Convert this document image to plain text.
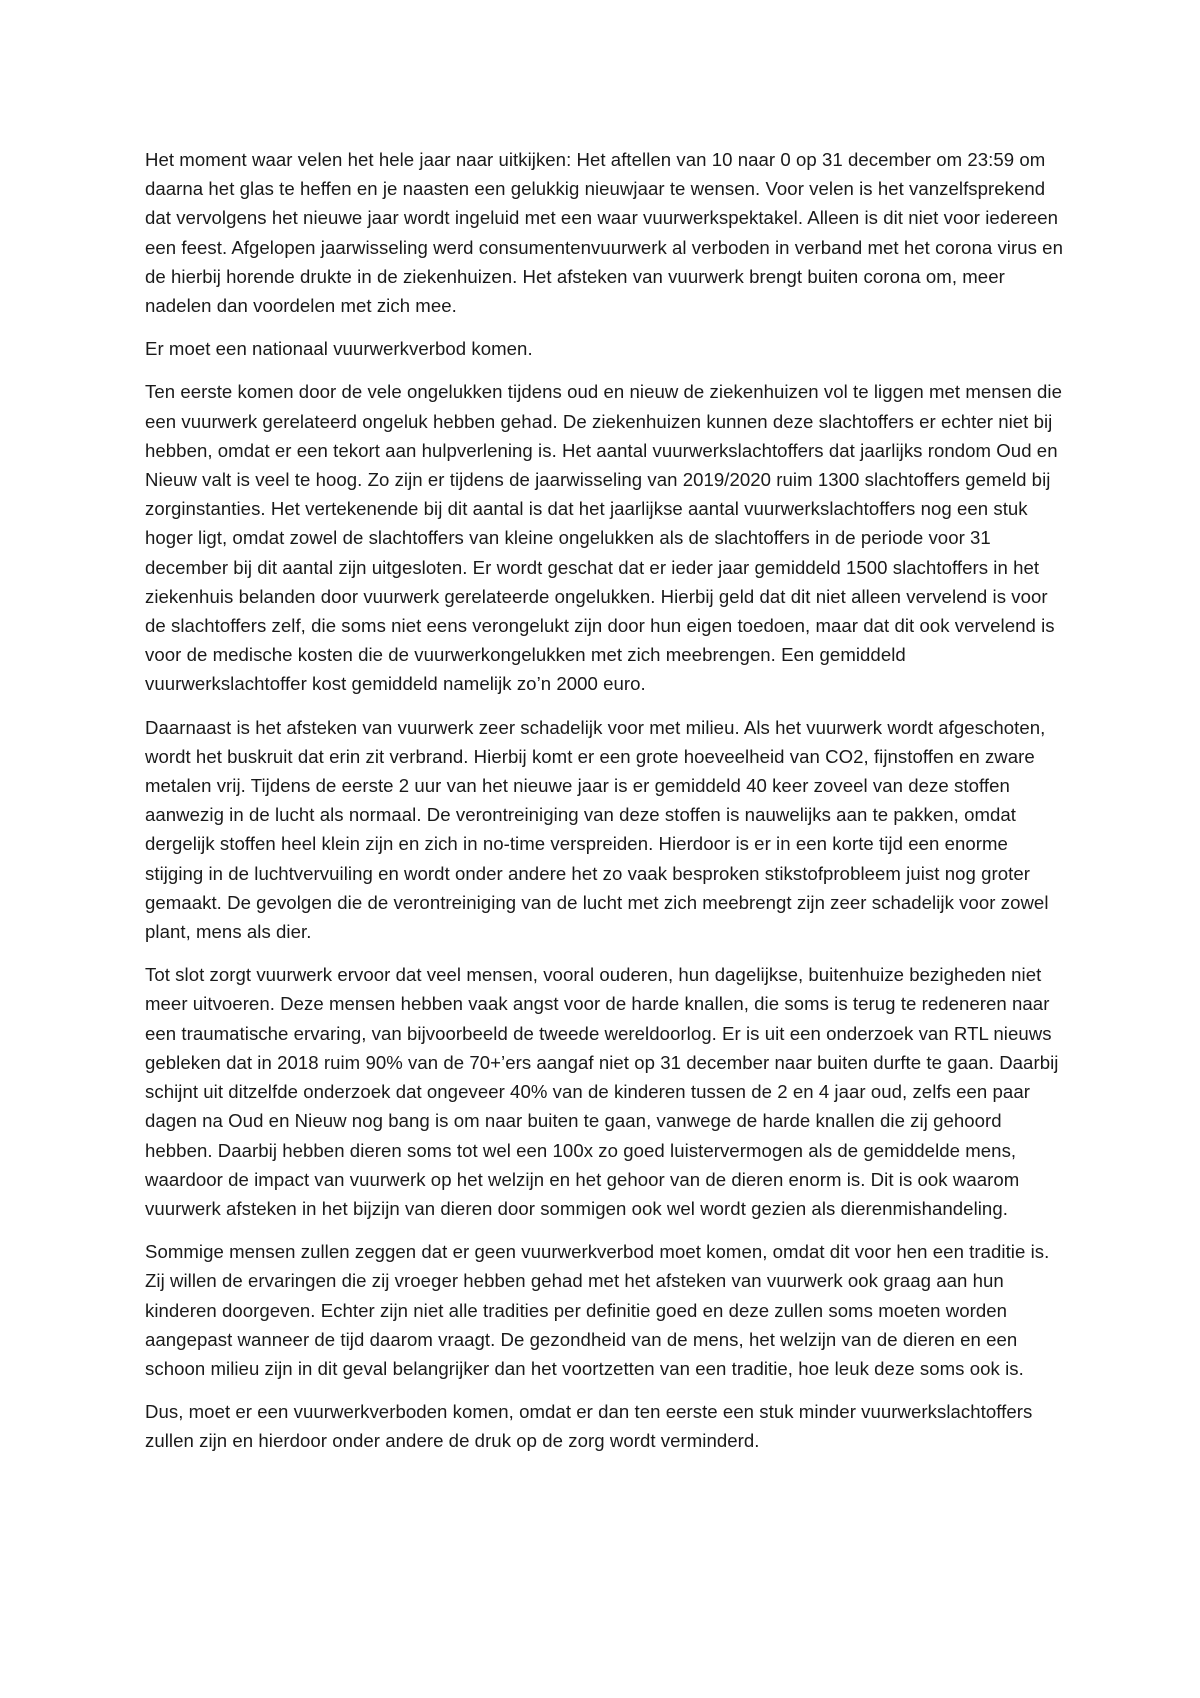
Het moment waar velen het hele jaar naar uitkijken: Het aftellen van 10 naar 0 op 31 december om 23:59 om daarna het glas te heffen en je naasten een gelukkig nieuwjaar te wensen. Voor velen is het vanzelfsprekend dat vervolgens het nieuwe jaar wordt ingeluid met een waar vuurwerkspektakel. Alleen is dit niet voor iedereen een feest. Afgelopen jaarwisseling werd consumentenvuurwerk al verboden in verband met het corona virus en de hierbij horende drukte in de ziekenhuizen. Het afsteken van vuurwerk brengt buiten corona om, meer nadelen dan voordelen met zich mee.

Er moet een nationaal vuurwerkverbod komen.

Ten eerste komen door de vele ongelukken tijdens oud en nieuw de ziekenhuizen vol te liggen met mensen die een vuurwerk gerelateerd ongeluk hebben gehad. De ziekenhuizen kunnen deze slachtoffers er echter niet bij hebben, omdat er een tekort aan hulpverlening is. Het aantal vuurwerkslachtoffers dat jaarlijks rondom Oud en Nieuw valt is veel te hoog. Zo zijn er tijdens de jaarwisseling van 2019/2020 ruim 1300 slachtoffers gemeld bij zorginstanties. Het vertekenende bij dit aantal is dat het jaarlijkse aantal vuurwerkslachtoffers nog een stuk hoger ligt, omdat zowel de slachtoffers van kleine ongelukken als de slachtoffers in de periode voor 31 december bij dit aantal zijn uitgesloten. Er wordt geschat dat er ieder jaar gemiddeld 1500 slachtoffers in het ziekenhuis belanden door vuurwerk gerelateerde ongelukken. Hierbij geld dat dit niet alleen vervelend is voor de slachtoffers zelf, die soms niet eens verongelukt zijn door hun eigen toedoen, maar dat dit ook vervelend is voor de medische kosten die de vuurwerkongelukken met zich meebrengen. Een gemiddeld vuurwerkslachtoffer kost gemiddeld namelijk zo’n 2000 euro.

Daarnaast is het afsteken van vuurwerk zeer schadelijk voor met milieu. Als het vuurwerk wordt afgeschoten, wordt het buskruit dat erin zit verbrand. Hierbij komt er een grote hoeveelheid van CO2, fijnstoffen en zware metalen vrij. Tijdens de eerste 2 uur van het nieuwe jaar is er gemiddeld 40 keer zoveel van deze stoffen aanwezig in de lucht als normaal. De verontreiniging van deze stoffen is nauwelijks aan te pakken, omdat dergelijk stoffen heel klein zijn en zich in no-time verspreiden. Hierdoor is er in een korte tijd een enorme stijging in de luchtvervuiling en wordt onder andere het zo vaak besproken stikstofprobleem juist nog groter gemaakt. De gevolgen die de verontreiniging van de lucht met zich meebrengt zijn zeer schadelijk voor zowel plant, mens als dier.

Tot slot zorgt vuurwerk ervoor dat veel mensen, vooral ouderen, hun dagelijkse, buitenhuize bezigheden niet meer uitvoeren. Deze mensen hebben vaak angst voor de harde knallen, die soms is terug te redeneren naar een traumatische ervaring, van bijvoorbeeld de tweede wereldoorlog. Er is uit een onderzoek van RTL nieuws gebleken dat in 2018 ruim 90% van de 70+’ers aangaf niet op 31 december naar buiten durfte te gaan. Daarbij schijnt uit ditzelfde onderzoek dat ongeveer 40% van de kinderen tussen de 2 en 4 jaar oud, zelfs een paar dagen na Oud en Nieuw nog bang is om naar buiten te gaan, vanwege de harde knallen die zij gehoord hebben. Daarbij hebben dieren soms tot wel een 100x zo goed luistervermogen als de gemiddelde mens, waardoor de impact van vuurwerk op het welzijn en het gehoor van de dieren enorm is. Dit is ook waarom vuurwerk afsteken in het bijzijn van dieren door sommigen ook wel wordt gezien als dierenmishandeling.

Sommige mensen zullen zeggen dat er geen vuurwerkverbod moet komen, omdat dit voor hen een traditie is. Zij willen de ervaringen die zij vroeger hebben gehad met het afsteken van vuurwerk ook graag aan hun kinderen doorgeven. Echter zijn niet alle tradities per definitie goed en deze zullen soms moeten worden aangepast wanneer de tijd daarom vraagt. De gezondheid van de mens, het welzijn van de dieren en een schoon milieu zijn in dit geval belangrijker dan het voortzetten van een traditie, hoe leuk deze soms ook is.

Dus, moet er een vuurwerkverboden komen, omdat er dan ten eerste een stuk minder vuurwerkslachtoffers zullen zijn en hierdoor onder andere de druk op de zorg wordt verminderd.
